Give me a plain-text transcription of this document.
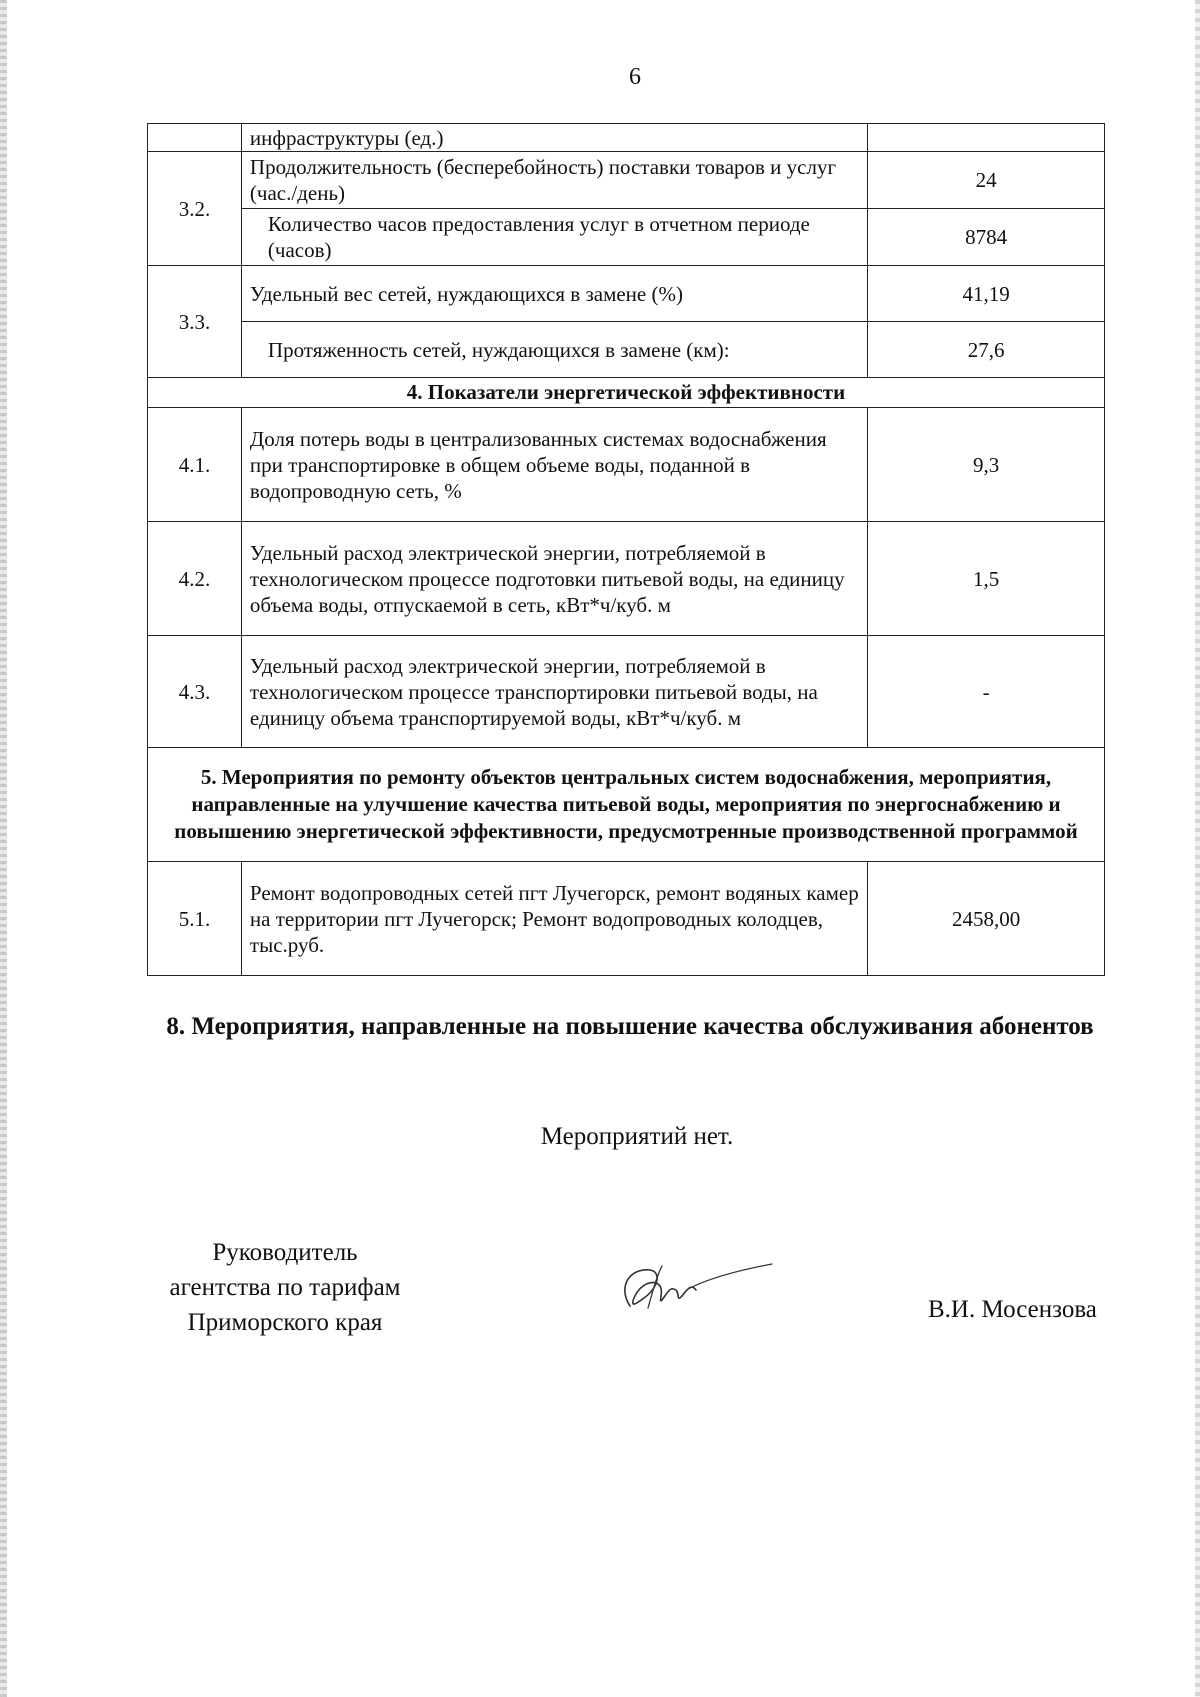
6
	инфраструктуры (ед.)	
3.2.	Продолжительность (бесперебойность) поставки товаров и услуг (час./день)	24
	Количество часов предоставления услуг в отчетном периоде (часов)	8784
3.3.	Удельный вес сетей, нуждающихся в замене (%)	41,19
	Протяженность сетей, нуждающихся в замене (км):	27,6
4. Показатели энергетической эффективности		
4.1.	Доля потерь воды в централизованных системах водоснабжения при транспортировке в общем объеме воды, поданной в водопроводную сеть, %	9,3
4.2.	Удельный расход электрической энергии, потребляемой в технологическом процессе подготовки питьевой воды, на единицу объема воды, отпускаемой в сеть, кВт*ч/куб. м	1,5
4.3.	Удельный расход электрической энергии, потребляемой в технологическом процессе транспортировки питьевой воды, на единицу объема транспортируемой воды, кВт*ч/куб. м	-
5. Мероприятия по ремонту объектов центральных систем водоснабжения, мероприятия, направленные на улучшение качества питьевой воды, мероприятия по энергоснабжению и повышению энергетической эффективности, предусмотренные производственной программой		
5.1.	Ремонт водопроводных сетей пгт Лучегорск, ремонт водяных камер на территории пгт Лучегорск; Ремонт водопроводных колодцев, тыс.руб.	2458,00
8. Мероприятия, направленные на повышение качества обслуживания абонентов
Мероприятий нет.
Руководитель
агентства по тарифам
Приморского края	В.И. Мосензова
